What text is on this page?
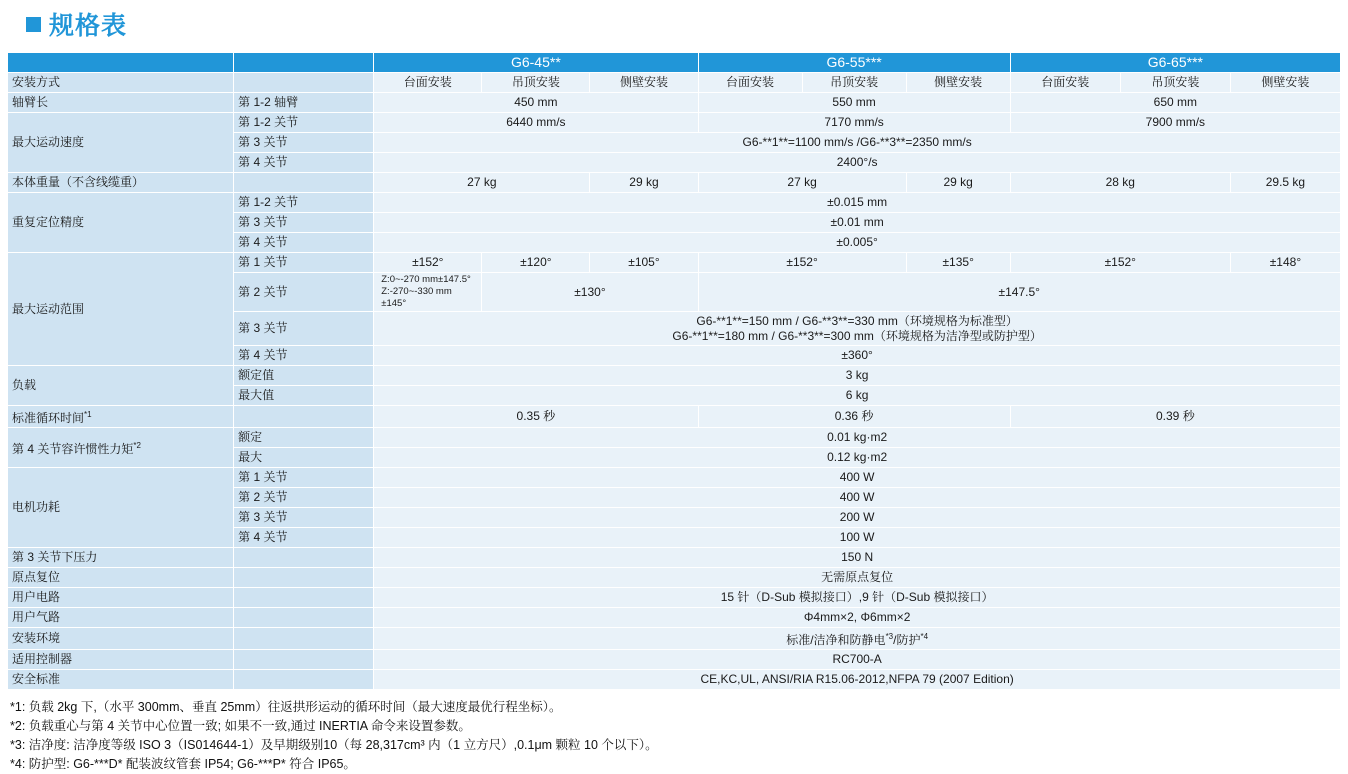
规格表
		G6-45**			G6-55***			G6-65***		
安装方式		台面安装	吊顶安装	侧壁安装	台面安装	吊顶安装	侧壁安装	台面安装	吊顶安装	侧壁安装
轴臂长	第 1-2 轴臂	450 mm			550 mm			650 mm		
最大运动速度	第 1-2 关节	6440 mm/s			7170 mm/s			7900 mm/s		
	第 3 关节	G6-**1**=1100 mm/s /G6-**3**=2350 mm/s								
	第 4 关节	2400°/s								
本体重量（不含线缆重）		27 kg		29 kg	27 kg		29 kg	28 kg		29.5 kg
重复定位精度	第 1-2 关节	±0.015 mm								
	第 3 关节	±0.01 mm								
	第 4 关节	±0.005°								
最大运动范围	第 1 关节	±152°	±120°	±105°	±152°		±135°	±152°		±148°
	第 2 关节	Z:0~-270 mm±147.5°
Z:-270~-330 mm ±145°	±130°		±147.5°					
	第 3 关节	G6-**1**=150 mm / G6-**3**=330 mm（环境规格为标准型）
G6-**1**=180 mm / G6-**3**=300 mm（环境规格为洁净型或防护型）								

	第 4 关节	±360°								
负载	额定值	3 kg								
	最大值	6 kg								
标准循环时间$^{*1}$		0.35 秒			0.36 秒			0.39 秒		
第 4 关节容许惯性力矩$^{*2}$	额定	0.01 kg·m2								
	最大	0.12 kg·m2								
电机功耗	第 1 关节	400 W								
	第 2 关节	400 W								
	第 3 关节	200 W								
	第 4 关节	100 W								
第 3 关节下压力		150 N								
原点复位		无需原点复位								
用户电路		15 针（D-Sub 模拟接口）,9 针（D-Sub 模拟接口）								
用户气路		Φ4mm×2, Φ6mm×2								
安装环境		标准/洁净和防静电$^{*3}$/防护$^{*4}$
适用控制器		RC700-A								
安全标准		CE,KC,UL, ANSI/RIA R15.06-2012,NFPA 79 (2007 Edition)								
*1: 负载 2kg 下,（水平 300mm、垂直 25mm）往返拱形运动的循环时间（最大速度最优行程坐标）。
*2: 负载重心与第 4 关节中心位置一致; 如果不一致,通过 INERTIA 命令来设置参数。
*3: 洁净度: 洁净度等级 ISO 3（IS014644-1）及早期级别10（每 28,317cm³ 内（1 立方尺）,0.1μm 颗粒 10 个以下）。
*4: 防护型: G6-***D* 配装波纹管套 IP54; G6-***P* 符合 IP65。
